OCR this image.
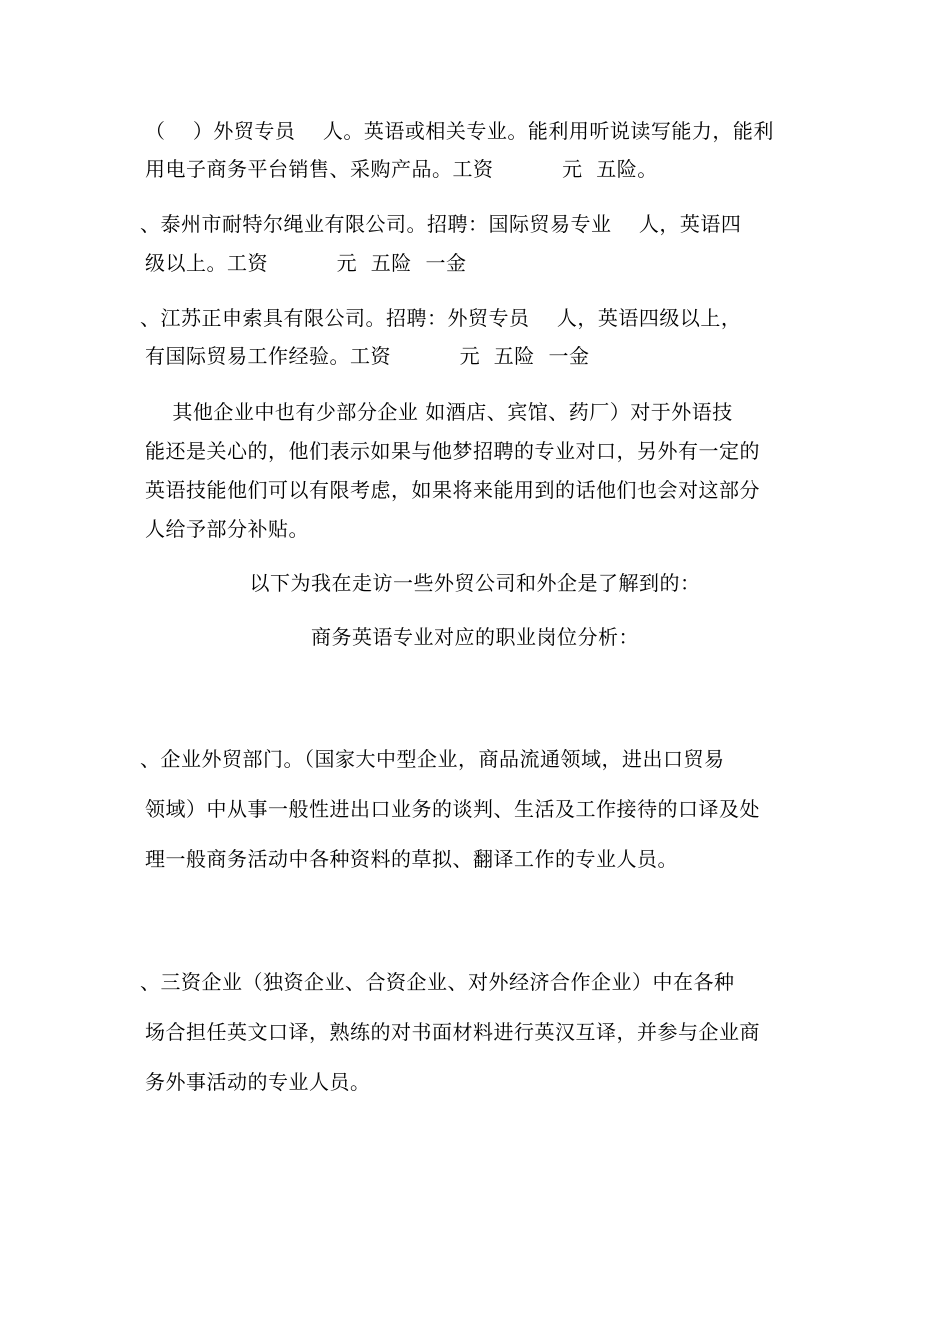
（    ）外贸专员    人。英语或相关专业。能利用听说读写能力，能利
用电子商务平台销售、采购产品。工资          元  五险。
、泰州市耐特尔绳业有限公司。招聘：国际贸易专业    人，英语四
级以上。工资          元  五险  一金
、江苏正申索具有限公司。招聘：外贸专员    人，英语四级以上，
有国际贸易工作经验。工资          元  五险  一金
其他企业中也有少部分企业 如酒店、宾馆、药厂）对于外语技
能还是关心的，他们表示如果与他梦招聘的专业对口，另外有一定的
英语技能他们可以有限考虑，如果将来能用到的话他们也会对这部分
人给予部分补贴。
以下为我在走访一些外贸公司和外企是了解到的：
商务英语专业对应的职业岗位分析：
、企业外贸部门。（国家大中型企业，商品流通领域，进出口贸易
领域）中从事一般性进出口业务的谈判、生活及工作接待的口译及处
理一般商务活动中各种资料的草拟、翻译工作的专业人员。
、三资企业（独资企业、合资企业、对外经济合作企业）中在各种
场合担任英文口译，熟练的对书面材料进行英汉互译，并参与企业商
务外事活动的专业人员。
